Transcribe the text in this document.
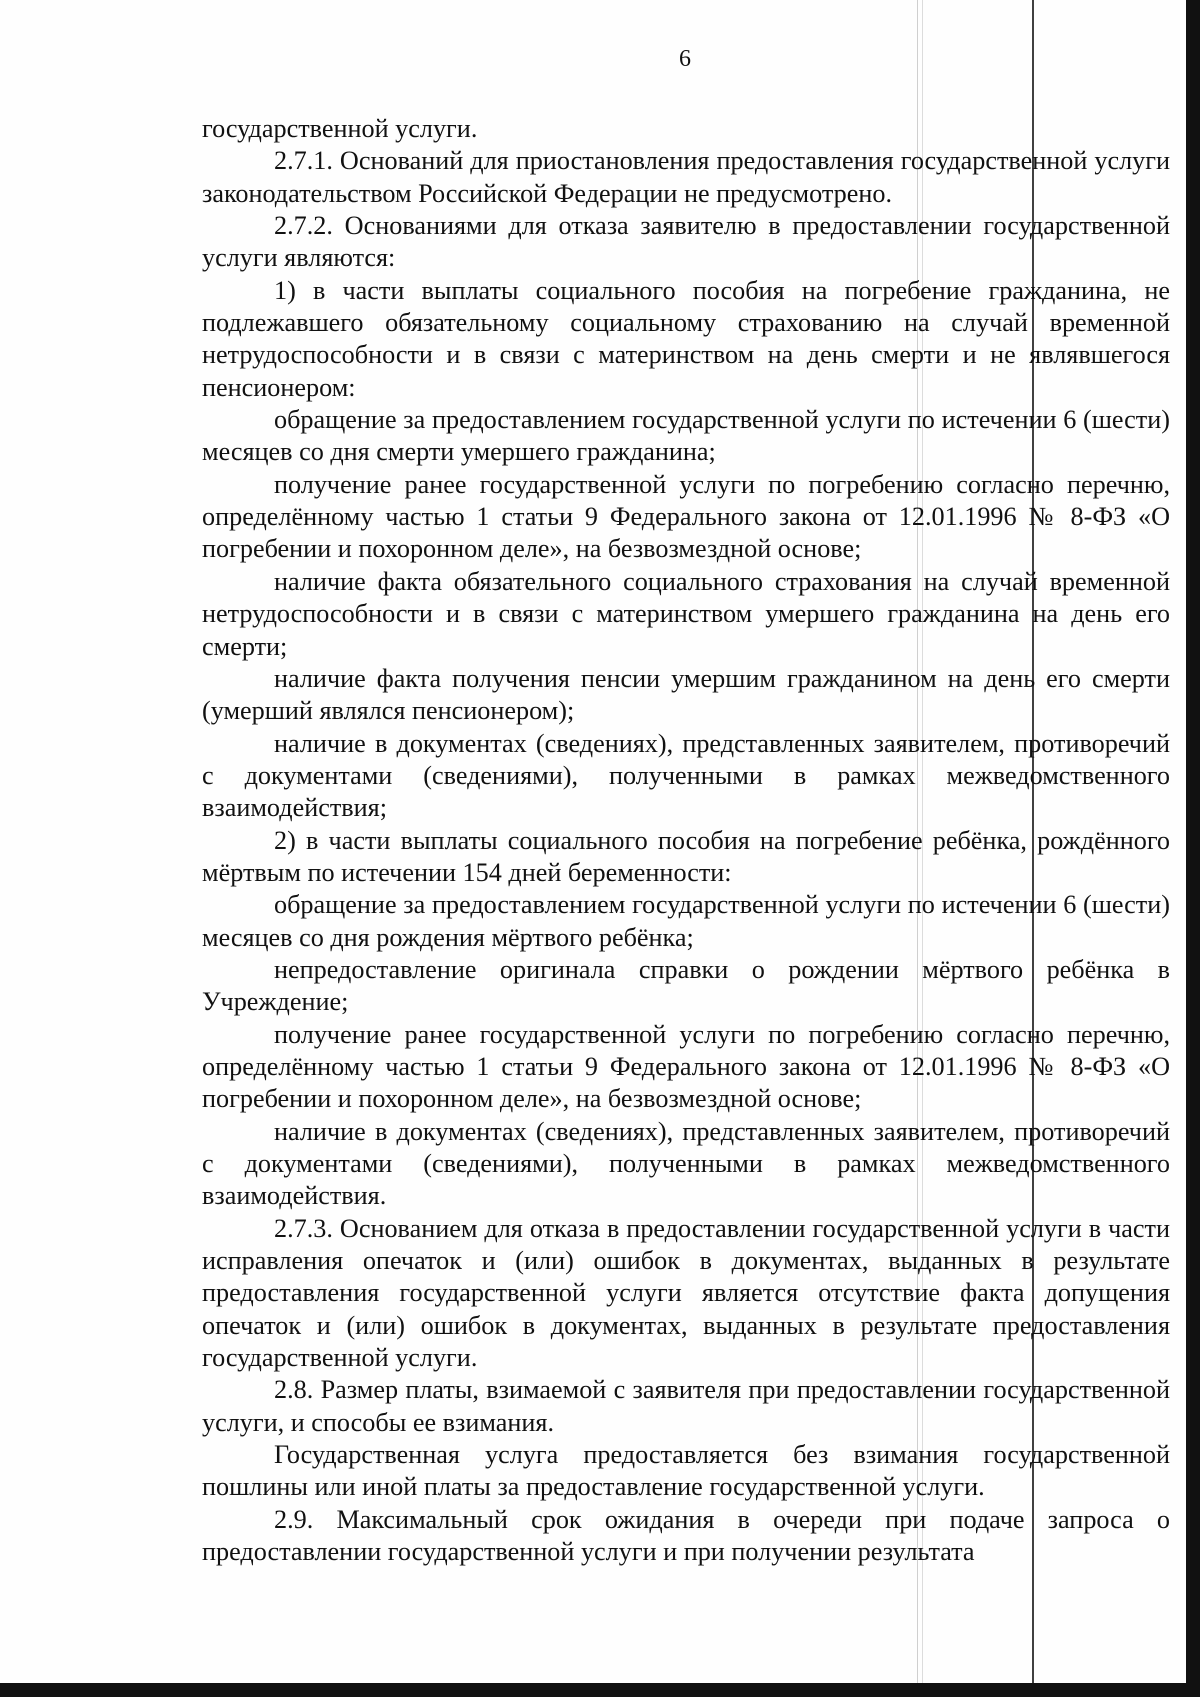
6

государственной услуги.

2.7.1. Оснований для приостановления предоставления государственной услуги законодательством Российской Федерации не предусмотрено.

2.7.2. Основаниями для отказа заявителю в предоставлении государственной услуги являются:

1) в части выплаты социального пособия на погребение гражданина, не подлежавшего обязательному социальному страхованию на случай временной нетрудоспособности и в связи с материнством на день смерти и не являвшегося пенсионером:

обращение за предоставлением государственной услуги по истечении 6 (шести) месяцев со дня смерти умершего гражданина;

получение ранее государственной услуги по погребению согласно перечню, определённому частью 1 статьи 9 Федерального закона от 12.01.1996 № 8-ФЗ «О погребении и похоронном деле», на безвозмездной основе;

наличие факта обязательного социального страхования на случай временной нетрудоспособности и в связи с материнством умершего гражданина на день его смерти;

наличие факта получения пенсии умершим гражданином на день его смерти (умерший являлся пенсионером);

наличие в документах (сведениях), представленных заявителем, противоречий с документами (сведениями), полученными в рамках межведомственного взаимодействия;

2) в части выплаты социального пособия на погребение ребёнка, рождённого мёртвым по истечении 154 дней беременности:

обращение за предоставлением государственной услуги по истечении 6 (шести) месяцев со дня рождения мёртвого ребёнка;

непредоставление оригинала справки о рождении мёртвого ребёнка в Учреждение;

получение ранее государственной услуги по погребению согласно перечню, определённому частью 1 статьи 9 Федерального закона от 12.01.1996 № 8-ФЗ «О погребении и похоронном деле», на безвозмездной основе;

наличие в документах (сведениях), представленных заявителем, противоречий с документами (сведениями), полученными в рамках межведомственного взаимодействия.

2.7.3. Основанием для отказа в предоставлении государственной услуги в части исправления опечаток и (или) ошибок в документах, выданных в результате предоставления государственной услуги является отсутствие факта допущения опечаток и (или) ошибок в документах, выданных в результате предоставления государственной услуги.

2.8. Размер платы, взимаемой с заявителя при предоставлении государственной услуги, и способы ее взимания.

Государственная услуга предоставляется без взимания государственной пошлины или иной платы за предоставление государственной услуги.

2.9. Максимальный срок ожидания в очереди при подаче запроса о предоставлении государственной услуги и при получении результата
